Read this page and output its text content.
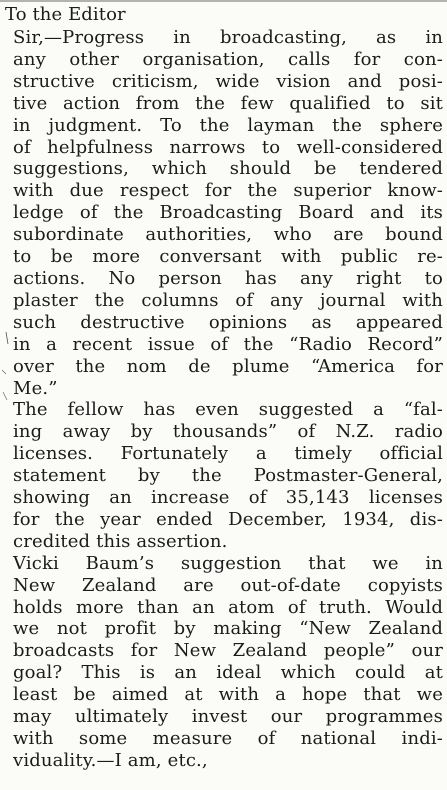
To the Editor
Sir,—Progress in broadcasting, as in
any other organisation, calls for con-
structive criticism, wide vision and posi-
tive action from the few qualified to sit
in judgment. To the layman the sphere
of helpfulness narrows to well-considered
suggestions, which should be tendered
with due respect for the superior know-
ledge of the Broadcasting Board and its
subordinate authorities, who are bound
to be more conversant with public re-
actions. No person has any right to
plaster the columns of any journal with
such destructive opinions as appeared
in a recent issue of the “Radio Record”
over the nom de plume “America for
Me.”
The fellow has even suggested a “fal-
ing away by thousands” of N.Z. radio
licenses. Fortunately a timely official
statement by the Postmaster-General,
showing an increase of 35,143 licenses
for the year ended December, 1934, dis-
credited this assertion.
Vicki Baum’s suggestion that we in
New Zealand are out-of-date copyists
holds more than an atom of truth. Would
we not profit by making “New Zealand
broadcasts for New Zealand people” our
goal? This is an ideal which could at
least be aimed at with a hope that we
may ultimately invest our programmes
with some measure of national indi-
viduality.—I am, etc.,
